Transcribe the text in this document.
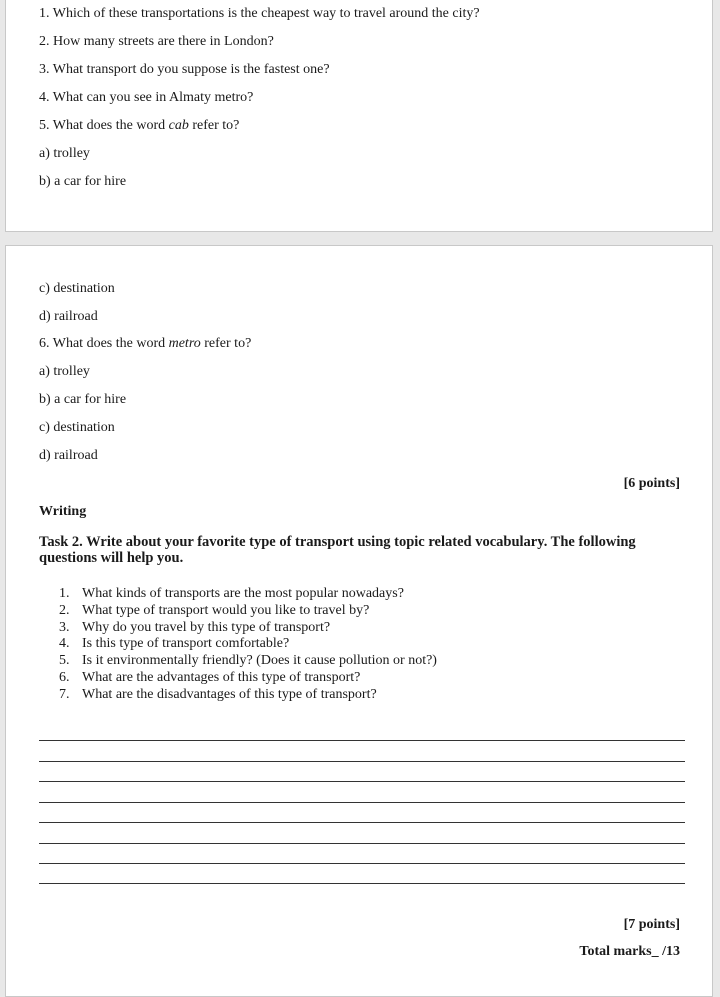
1. Which of these transportations is the cheapest way to travel around the city?
2. How many streets are there in London?
3. What transport do you suppose is the fastest one?
4. What can you see in Almaty metro?
5. What does the word cab refer to?
a) trolley
b) a car for hire
c) destination
d) railroad
6. What does the word metro refer to?
a) trolley
b) a car for hire
c) destination
d) railroad
[6 points]
Writing
Task 2. Write about your favorite type of transport using topic related vocabulary. The following questions will help you.
1. What kinds of transports are the most popular nowadays?
2. What type of transport would you like to travel by?
3. Why do you travel by this type of transport?
4. Is this type of transport comfortable?
5. Is it environmentally friendly? (Does it cause pollution or not?)
6. What are the advantages of this type of transport?
7. What are the disadvantages of this type of transport?
[7 points]
Total marks_ /13
